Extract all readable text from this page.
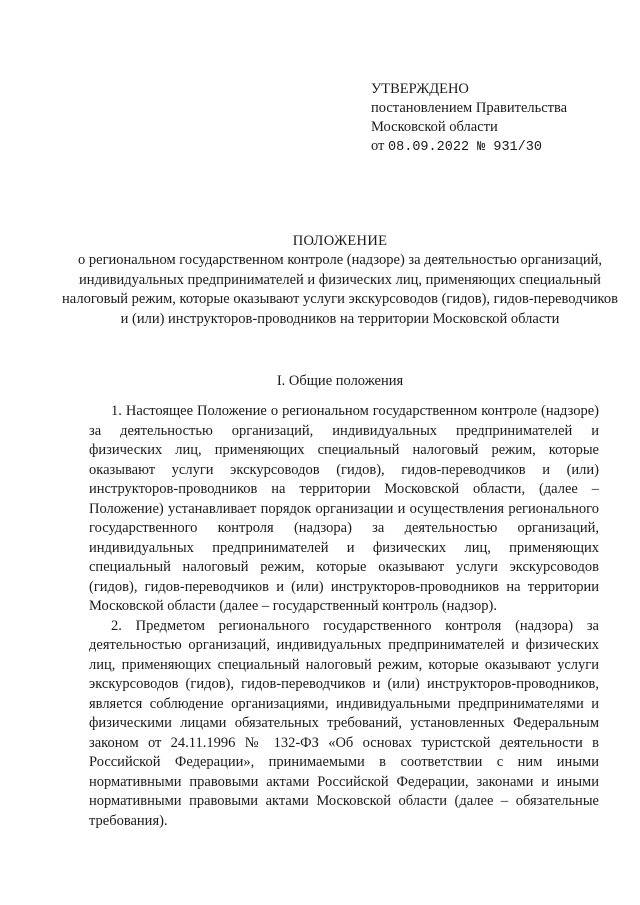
УТВЕРЖДЕНО
постановлением Правительства
Московской области
от 08.09.2022 № 931/30
ПОЛОЖЕНИЕ
о региональном государственном контроле (надзоре) за деятельностью организаций, индивидуальных предпринимателей и физических лиц, применяющих специальный налоговый режим, которые оказывают услуги экскурсоводов (гидов), гидов-переводчиков и (или) инструкторов-проводников на территории Московской области
I. Общие положения

1. Настоящее Положение о региональном государственном контроле (надзоре) за деятельностью организаций, индивидуальных предпринимателей и физических лиц, применяющих специальный налоговый режим, которые оказывают услуги экскурсоводов (гидов), гидов-переводчиков и (или) инструкторов-проводников на территории Московской области, (далее – Положение) устанавливает порядок организации и осуществления регионального государственного контроля (надзора) за деятельностью организаций, индивидуальных предпринимателей и физических лиц, применяющих специальный налоговый режим, которые оказывают услуги экскурсоводов (гидов), гидов-переводчиков и (или) инструкторов-проводников на территории Московской области (далее – государственный контроль (надзор).

2. Предметом регионального государственного контроля (надзора) за деятельностью организаций, индивидуальных предпринимателей и физических лиц, применяющих специальный налоговый режим, которые оказывают услуги экскурсоводов (гидов), гидов-переводчиков и (или) инструкторов-проводников, является соблюдение организациями, индивидуальными предпринимателями и физическими лицами обязательных требований, установленных Федеральным законом от 24.11.1996 № 132-ФЗ «Об основах туристской деятельности в Российской Федерации», принимаемыми в соответствии с ним иными нормативными правовыми актами Российской Федерации, законами и иными нормативными правовыми актами Московской области (далее – обязательные требования).
